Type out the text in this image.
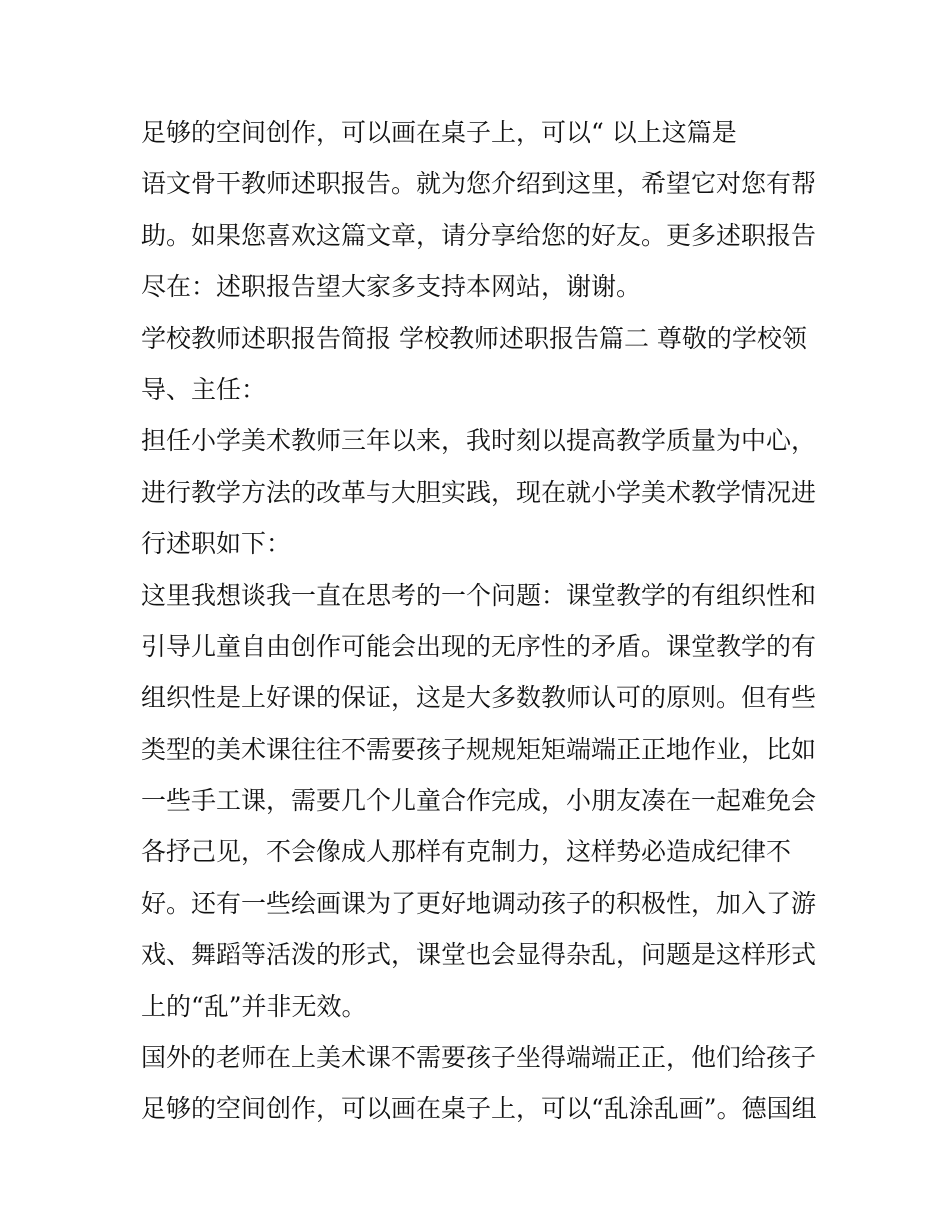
足够的空间创作，可以画在桌子上，可以“ 以上这篇是
语文骨干教师述职报告。就为您介绍到这里，希望它对您有帮
助。如果您喜欢这篇文章，请分享给您的好友。更多述职报告
尽在：述职报告望大家多支持本网站，谢谢。
学校教师述职报告简报 学校教师述职报告篇二 尊敬的学校领
导、主任：
担任小学美术教师三年以来，我时刻以提高教学质量为中心，
进行教学方法的改革与大胆实践，现在就小学美术教学情况进
行述职如下：
这里我想谈我一直在思考的一个问题：课堂教学的有组织性和
引导儿童自由创作可能会出现的无序性的矛盾。课堂教学的有
组织性是上好课的保证，这是大多数教师认可的原则。但有些
类型的美术课往往不需要孩子规规矩矩端端正正地作业，比如
一些手工课，需要几个儿童合作完成，小朋友凑在一起难免会
各抒己见，不会像成人那样有克制力，这样势必造成纪律不
好。还有一些绘画课为了更好地调动孩子的积极性，加入了游
戏、舞蹈等活泼的形式，课堂也会显得杂乱，问题是这样形式
上的“乱”并非无效。
国外的老师在上美术课不需要孩子坐得端端正正，他们给孩子
足够的空间创作，可以画在桌子上，可以“乱涂乱画”。德国组
